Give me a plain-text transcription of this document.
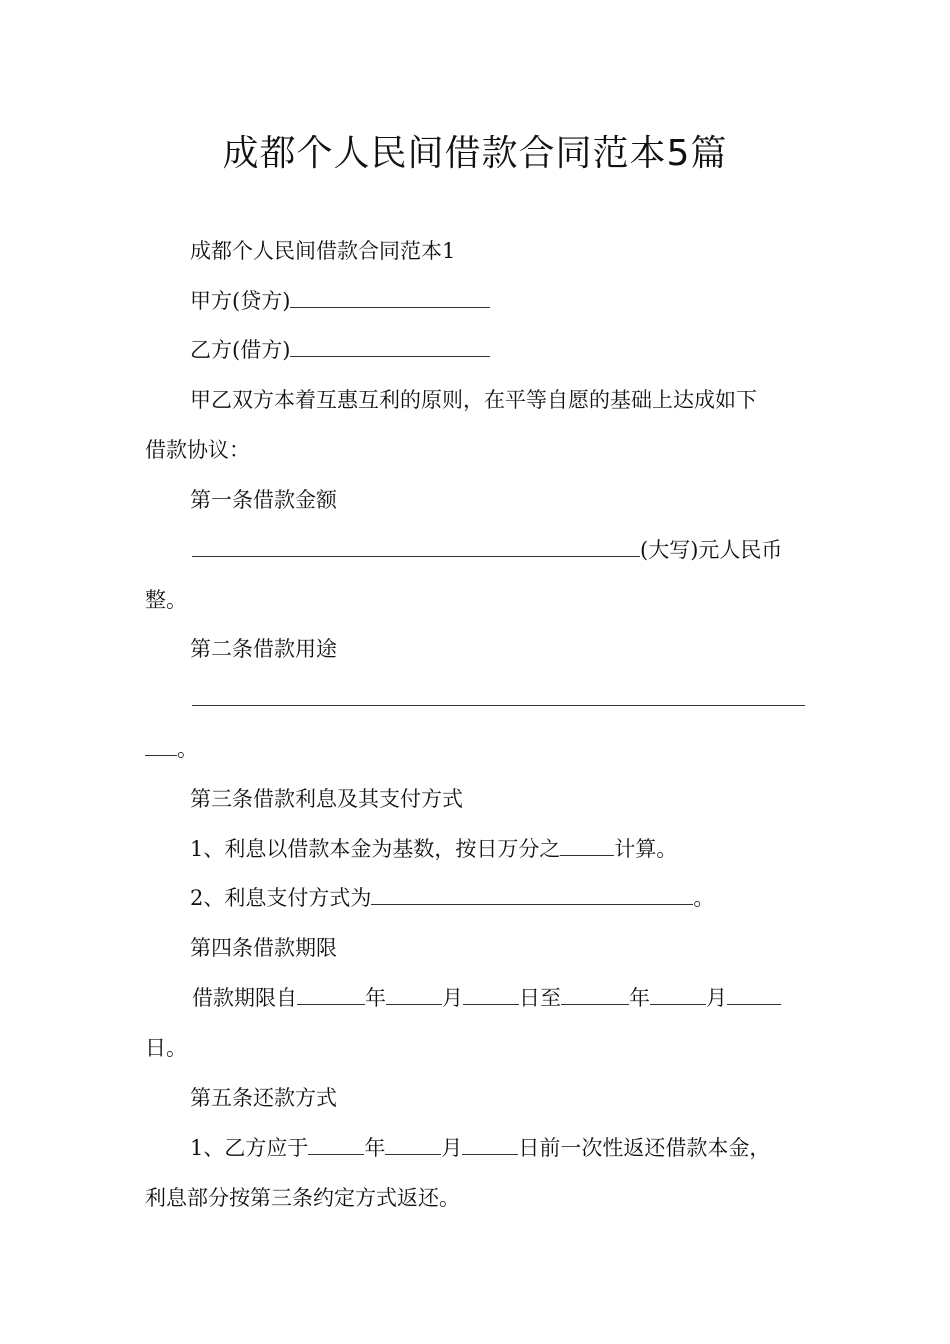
成都个人民间借款合同范本5篇
成都个人民间借款合同范本1
甲方(贷方)
乙方(借方)
甲乙双方本着互惠互利的原则，在平等自愿的基础上达成如下
借款协议：
第一条借款金额
(大写)元人民币
整。
第二条借款用途
。
第三条借款利息及其支付方式
1、利息以借款本金为基数，按日万分之	计算。
2、利息支付方式为	。
第四条借款期限
借款期限自	年	月	日至	年	月
日。
第五条还款方式
1、乙方应于	年	月	日前一次性返还借款本金，
利息部分按第三条约定方式返还。
